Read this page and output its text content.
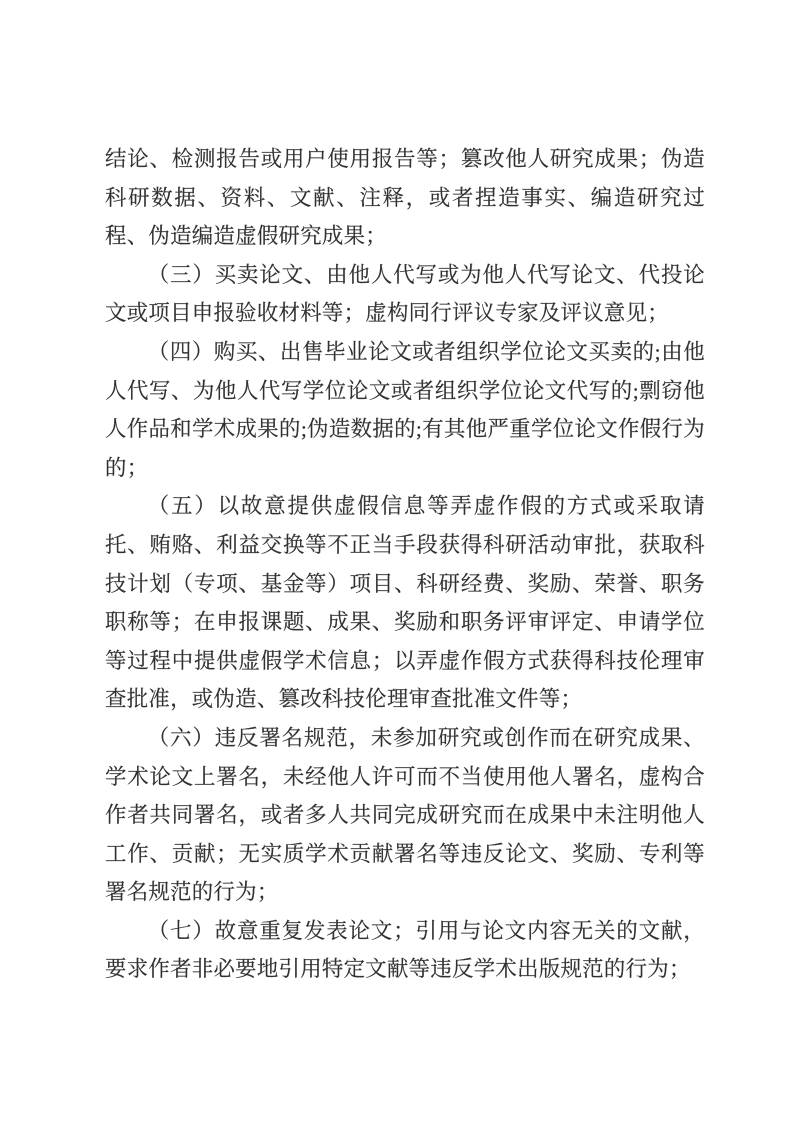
结论、检测报告或用户使用报告等；篡改他人研究成果；伪造科研数据、资料、文献、注释，或者捏造事实、编造研究过程、伪造编造虚假研究成果；

（三）买卖论文、由他人代写或为他人代写论文、代投论文或项目申报验收材料等；虚构同行评议专家及评议意见；

（四）购买、出售毕业论文或者组织学位论文买卖的;由他人代写、为他人代写学位论文或者组织学位论文代写的;剽窃他人作品和学术成果的;伪造数据的;有其他严重学位论文作假行为的；

（五）以故意提供虚假信息等弄虚作假的方式或采取请托、贿赂、利益交换等不正当手段获得科研活动审批，获取科技计划（专项、基金等）项目、科研经费、奖励、荣誉、职务职称等；在申报课题、成果、奖励和职务评审评定、申请学位等过程中提供虚假学术信息；以弄虚作假方式获得科技伦理审查批准，或伪造、篡改科技伦理审查批准文件等；

（六）违反署名规范，未参加研究或创作而在研究成果、学术论文上署名，未经他人许可而不当使用他人署名，虚构合作者共同署名，或者多人共同完成研究而在成果中未注明他人工作、贡献；无实质学术贡献署名等违反论文、奖励、专利等署名规范的行为；

（七）故意重复发表论文；引用与论文内容无关的文献，要求作者非必要地引用特定文献等违反学术出版规范的行为；
